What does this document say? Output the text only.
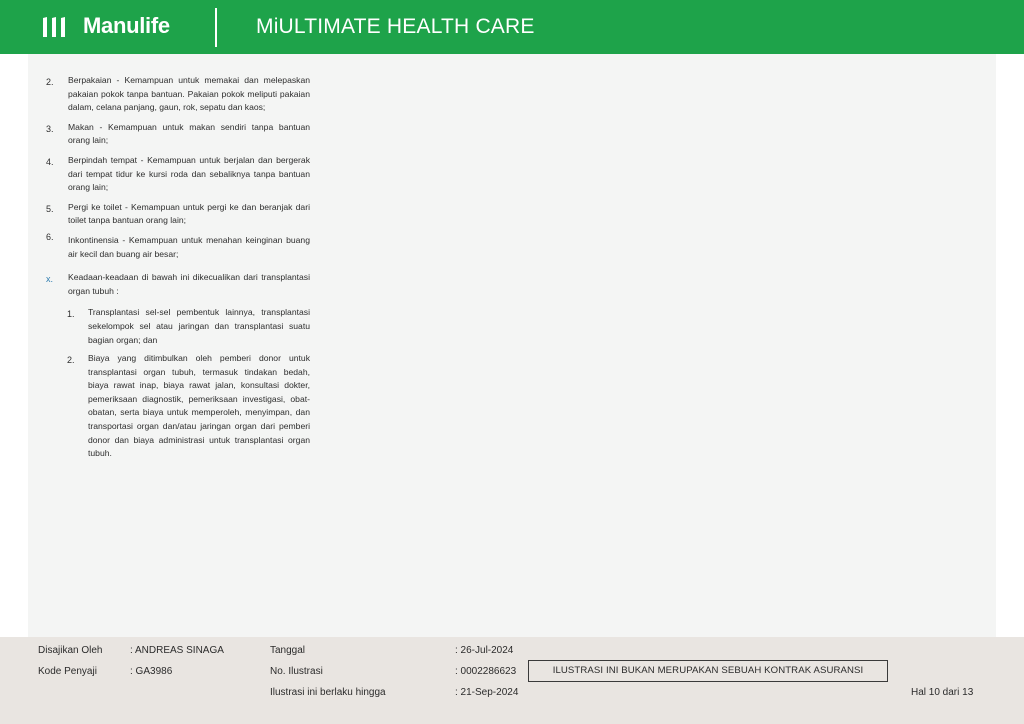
Manulife	MiULTIMATE HEALTH CARE
2. Berpakaian - Kemampuan untuk memakai dan melepaskan pakaian pokok tanpa bantuan. Pakaian pokok meliputi pakaian dalam, celana panjang, gaun, rok, sepatu dan kaos;
3. Makan - Kemampuan untuk makan sendiri tanpa bantuan orang lain;
4. Berpindah tempat - Kemampuan untuk berjalan dan bergerak dari tempat tidur ke kursi roda dan sebaliknya tanpa bantuan orang lain;
5. Pergi ke toilet - Kemampuan untuk pergi ke dan beranjak dari toilet tanpa bantuan orang lain;
6. Inkontinensia - Kemampuan untuk menahan keinginan buang air kecil dan buang air besar;
x. Keadaan-keadaan di bawah ini dikecualikan dari transplantasi organ tubuh :
1. Transplantasi sel-sel pembentuk lainnya, transplantasi sekelompok sel atau jaringan dan transplantasi suatu bagian organ; dan
2. Biaya yang ditimbulkan oleh pemberi donor untuk transplantasi organ tubuh, termasuk tindakan bedah, biaya rawat inap, biaya rawat jalan, konsultasi dokter, pemeriksaan diagnostik, pemeriksaan investigasi, obat-obatan, serta biaya untuk memperoleh, menyimpan, dan transportasi organ dan/atau jaringan organ dari pemberi donor dan biaya administrasi untuk transplantasi organ tubuh.
Disajikan Oleh	: ANDREAS SINAGA
Kode Penyaji	: GA3986
Tanggal	: 26-Jul-2024
No. Ilustrasi	: 0002286623
Ilustrasi ini berlaku hingga	: 21-Sep-2024
ILUSTRASI INI BUKAN MERUPAKAN SEBUAH KONTRAK ASURANSI
Hal 10 dari 13
